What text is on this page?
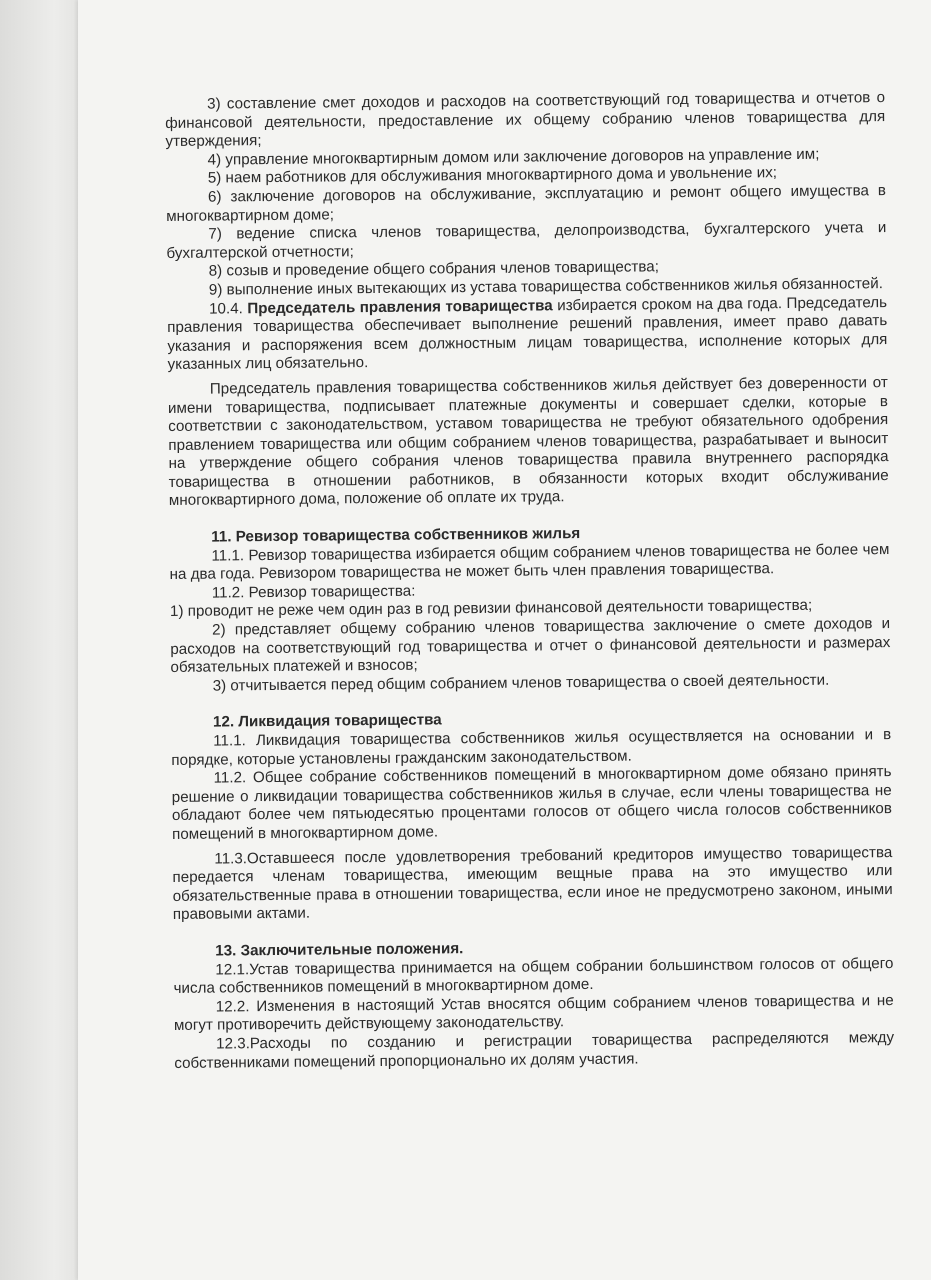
3) составление смет доходов и расходов на соответствующий год товарищества и отчетов о финансовой деятельности, предоставление их общему собранию членов товарищества для утверждения;

4) управление многоквартирным домом или заключение договоров на управление им;

5) наем работников для обслуживания многоквартирного дома и увольнение их;

6) заключение договоров на обслуживание, эксплуатацию и ремонт общего имущества в многоквартирном доме;

7) ведение списка членов товарищества, делопроизводства, бухгалтерского учета и бухгалтерской отчетности;

8) созыв и проведение общего собрания членов товарищества;

9) выполнение иных вытекающих из устава товарищества собственников жилья обязанностей.

10.4. Председатель правления товарищества избирается сроком на два года. Председатель правления товарищества обеспечивает выполнение решений правления, имеет право давать указания и распоряжения всем должностным лицам товарищества, исполнение которых для указанных лиц обязательно.

Председатель правления товарищества собственников жилья действует без доверенности от имени товарищества, подписывает платежные документы и совершает сделки, которые в соответствии с законодательством, уставом товарищества не требуют обязательного одобрения правлением товарищества или общим собранием членов товарищества, разрабатывает и выносит на утверждение общего собрания членов товарищества правила внутреннего распорядка товарищества в отношении работников, в обязанности которых входит обслуживание многоквартирного дома, положение об оплате их труда.

11. Ревизор товарищества собственников жилья

11.1. Ревизор товарищества избирается общим собранием членов товарищества не более чем на два года. Ревизором товарищества не может быть член правления товарищества.

11.2. Ревизор товарищества:

1) проводит не реже чем один раз в год ревизии финансовой деятельности товарищества;

2) представляет общему собранию членов товарищества заключение о смете доходов и расходов на соответствующий год товарищества и отчет о финансовой деятельности и размерах обязательных платежей и взносов;

3) отчитывается перед общим собранием членов товарищества о своей деятельности.

12. Ликвидация товарищества

11.1. Ликвидация товарищества собственников жилья осуществляется на основании и в порядке, которые установлены гражданским законодательством.

11.2. Общее собрание собственников помещений в многоквартирном доме обязано принять решение о ликвидации товарищества собственников жилья в случае, если члены товарищества не обладают более чем пятьюдесятью процентами голосов от общего числа голосов собственников помещений в многоквартирном доме.

11.3.Оставшееся после удовлетворения требований кредиторов имущество товарищества передается членам товарищества, имеющим вещные права на это имущество или обязательственные права в отношении товарищества, если иное не предусмотрено законом, иными правовыми актами.

13. Заключительные положения.

12.1.Устав товарищества принимается на общем собрании большинством голосов от общего числа собственников помещений в многоквартирном доме.

12.2. Изменения в настоящий Устав вносятся общим собранием членов товарищества и не могут противоречить действующему законодательству.

12.3.Расходы по созданию и регистрации товарищества распределяются между собственниками помещений пропорционально их долям участия.
